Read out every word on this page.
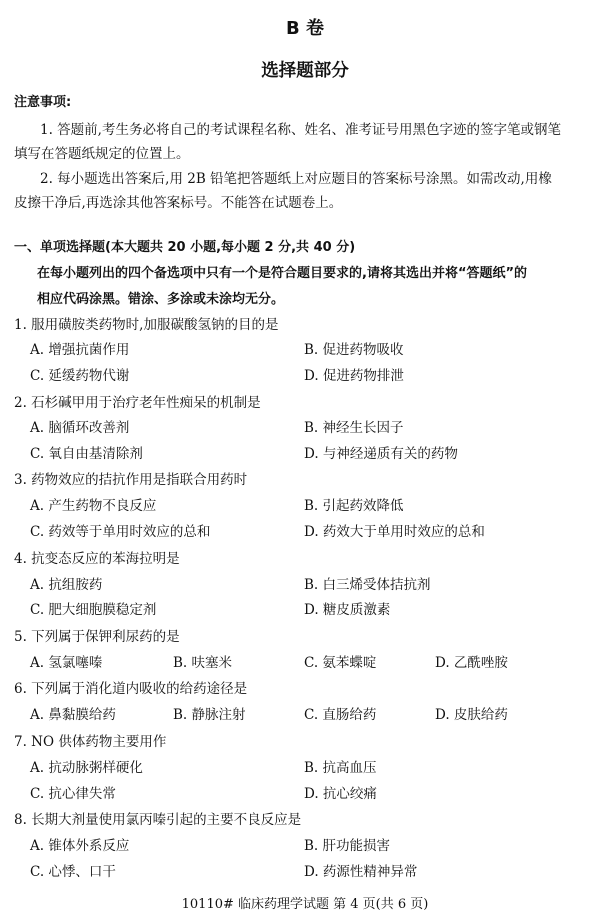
B 卷
选择题部分
注意事项:
1. 答题前,考生务必将自己的考试课程名称、姓名、准考证号用黑色字迹的签字笔或钢笔
填写在答题纸规定的位置上。
2. 每小题选出答案后,用 2B 铅笔把答题纸上对应题目的答案标号涂黑。如需改动,用橡
皮擦干净后,再选涂其他答案标号。不能答在试题卷上。
一、单项选择题(本大题共 20 小题,每小题 2 分,共 40 分)
在每小题列出的四个备选项中只有一个是符合题目要求的,请将其选出并将“答题纸”的
相应代码涂黑。错涂、多涂或未涂均无分。
1. 服用磺胺类药物时,加服碳酸氢钠的目的是
A. 增强抗菌作用	B. 促进药物吸收
C. 延缓药物代谢	D. 促进药物排泄
2. 石杉碱甲用于治疗老年性痴呆的机制是
A. 脑循环改善剂	B. 神经生长因子
C. 氧自由基清除剂	D. 与神经递质有关的药物
3. 药物效应的拮抗作用是指联合用药时
A. 产生药物不良反应	B. 引起药效降低
C. 药效等于单用时效应的总和	D. 药效大于单用时效应的总和
4. 抗变态反应的苯海拉明是
A. 抗组胺药	B. 白三烯受体拮抗剂
C. 肥大细胞膜稳定剂	D. 糖皮质激素
5. 下列属于保钾利尿药的是
A. 氢氯噻嗪	B. 呋塞米	C. 氨苯蝶啶	D. 乙酰唑胺
6. 下列属于消化道内吸收的给药途径是
A. 鼻黏膜给药	B. 静脉注射	C. 直肠给药	D. 皮肤给药
7. NO 供体药物主要用作
A. 抗动脉粥样硬化	B. 抗高血压
C. 抗心律失常	D. 抗心绞痛
8. 长期大剂量使用氯丙嗪引起的主要不良反应是
A. 锥体外系反应	B. 肝功能损害
C. 心悸、口干	D. 药源性精神异常
10110# 临床药理学试题 第 4 页(共 6 页)
